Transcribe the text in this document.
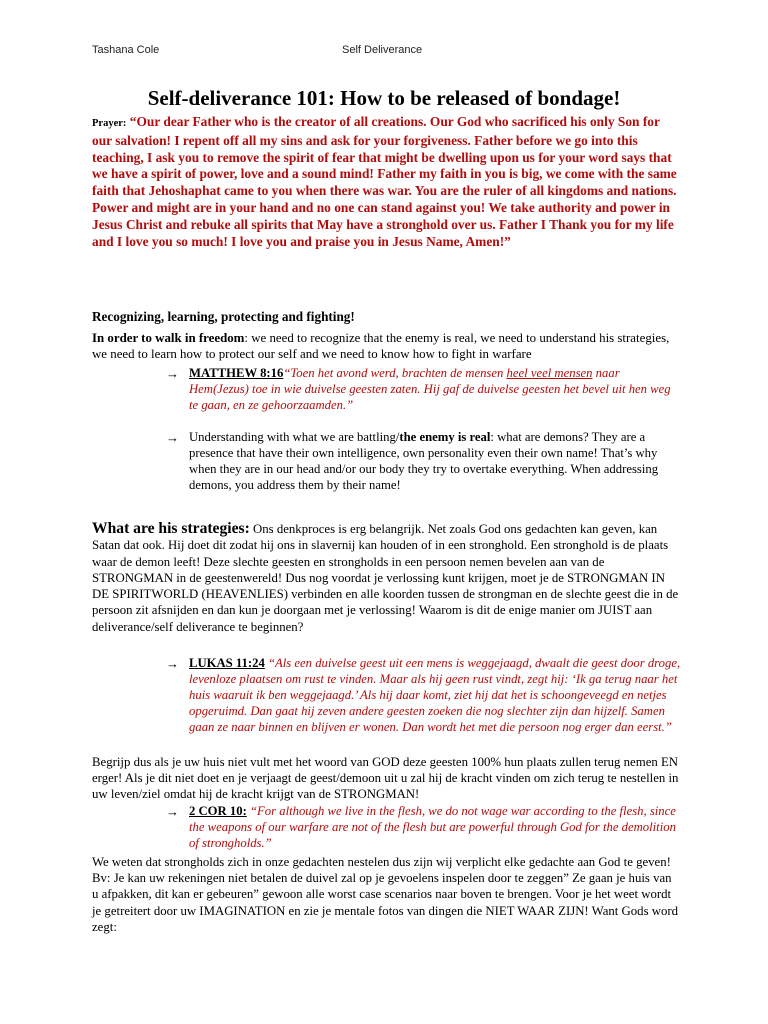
Tashana Cole	Self Deliverance
Self-deliverance 101: How to be released of bondage!
Prayer: “Our dear Father who is the creator of all creations. Our God who sacrificed his only Son for our salvation! I repent off all my sins and ask for your forgiveness. Father before we go into this teaching, I ask you to remove the spirit of fear that might be dwelling upon us for your word says that we have a spirit of power, love and a sound mind! Father my faith in you is big, we come with the same faith that Jehoshaphat came to you when there was war. You are the ruler of all kingdoms and nations. Power and might are in your hand and no one can stand against you! We take authority and power in Jesus Christ and rebuke all spirits that May have a stronghold over us. Father I Thank you for my life and I love you so much! I love you and praise you in Jesus Name, Amen!”
Recognizing, learning, protecting and fighting!
In order to walk in freedom: we need to recognize that the enemy is real, we need to understand his strategies, we need to learn how to protect our self and we need to know how to fight in warfare
→ MATTHEW 8:16“Toen het avond werd, brachten de mensen heel veel mensen naar Hem(Jezus) toe in wie duivelse geesten zaten. Hij gaf de duivelse geesten het bevel uit hen weg te gaan, en ze gehoorzaamden.”
→ Understanding with what we are battling/the enemy is real: what are demons? They are a presence that have their own intelligence, own personality even their own name! That’s why when they are in our head and/or our body they try to overtake everything. When addressing demons, you address them by their name!
What are his strategies: Ons denkproces is erg belangrijk. Net zoals God ons gedachten kan geven, kan Satan dat ook. Hij doet dit zodat hij ons in slavernij kan houden of in een stronghold. Een stronghold is de plaats waar de demon leeft! Deze slechte geesten en strongholds in een persoon nemen bevelen aan van de STRONGMAN in de geestenwereld! Dus nog voordat je verlossing kunt krijgen, moet je de STRONGMAN IN DE SPIRITWORLD (HEAVENLIES) verbinden en alle koorden tussen de strongman en de slechte geest die in de persoon zit afsnijden en dan kun je doorgaan met je verlossing! Waarom is dit de enige manier om JUIST aan deliverance/self deliverance te beginnen?
→ LUKAS 11:24 “Als een duivelse geest uit een mens is weggejaagd, dwaalt die geest door droge, levenloze plaatsen om rust te vinden. Maar als hij geen rust vindt, zegt hij: ‘Ik ga terug naar het huis waaruit ik ben weggejaagd.’ Als hij daar komt, ziet hij dat het is schoongeveegd en netjes opgeruimd. Dan gaat hij zeven andere geesten zoeken die nog slechter zijn dan hijzelf. Samen gaan ze naar binnen en blijven er wonen. Dan wordt het met die persoon nog erger dan eerst.”
Begrijp dus als je uw huis niet vult met het woord van GOD deze geesten 100% hun plaats zullen terug nemen EN erger! Als je dit niet doet en je verjaagt de geest/demoon uit u zal hij de kracht vinden om zich terug te nestellen in uw leven/ziel omdat hij de kracht krijgt van de STRONGMAN!
→ 2 COR 10: “For although we live in the flesh, we do not wage war according to the flesh, since the weapons of our warfare are not of the flesh but are powerful through God for the demolition of strongholds.”
We weten dat strongholds zich in onze gedachten nestelen dus zijn wij verplicht elke gedachte aan God te geven! Bv: Je kan uw rekeningen niet betalen de duivel zal op je gevoelens inspelen door te zeggen” Ze gaan je huis van u afpakken, dit kan er gebeuren” gewoon alle worst case scenarios naar boven te brengen. Voor je het weet wordt je getreitert door uw IMAGINATION en zie je mentale fotos van dingen die NIET WAAR ZIJN! Want Gods word zegt:
